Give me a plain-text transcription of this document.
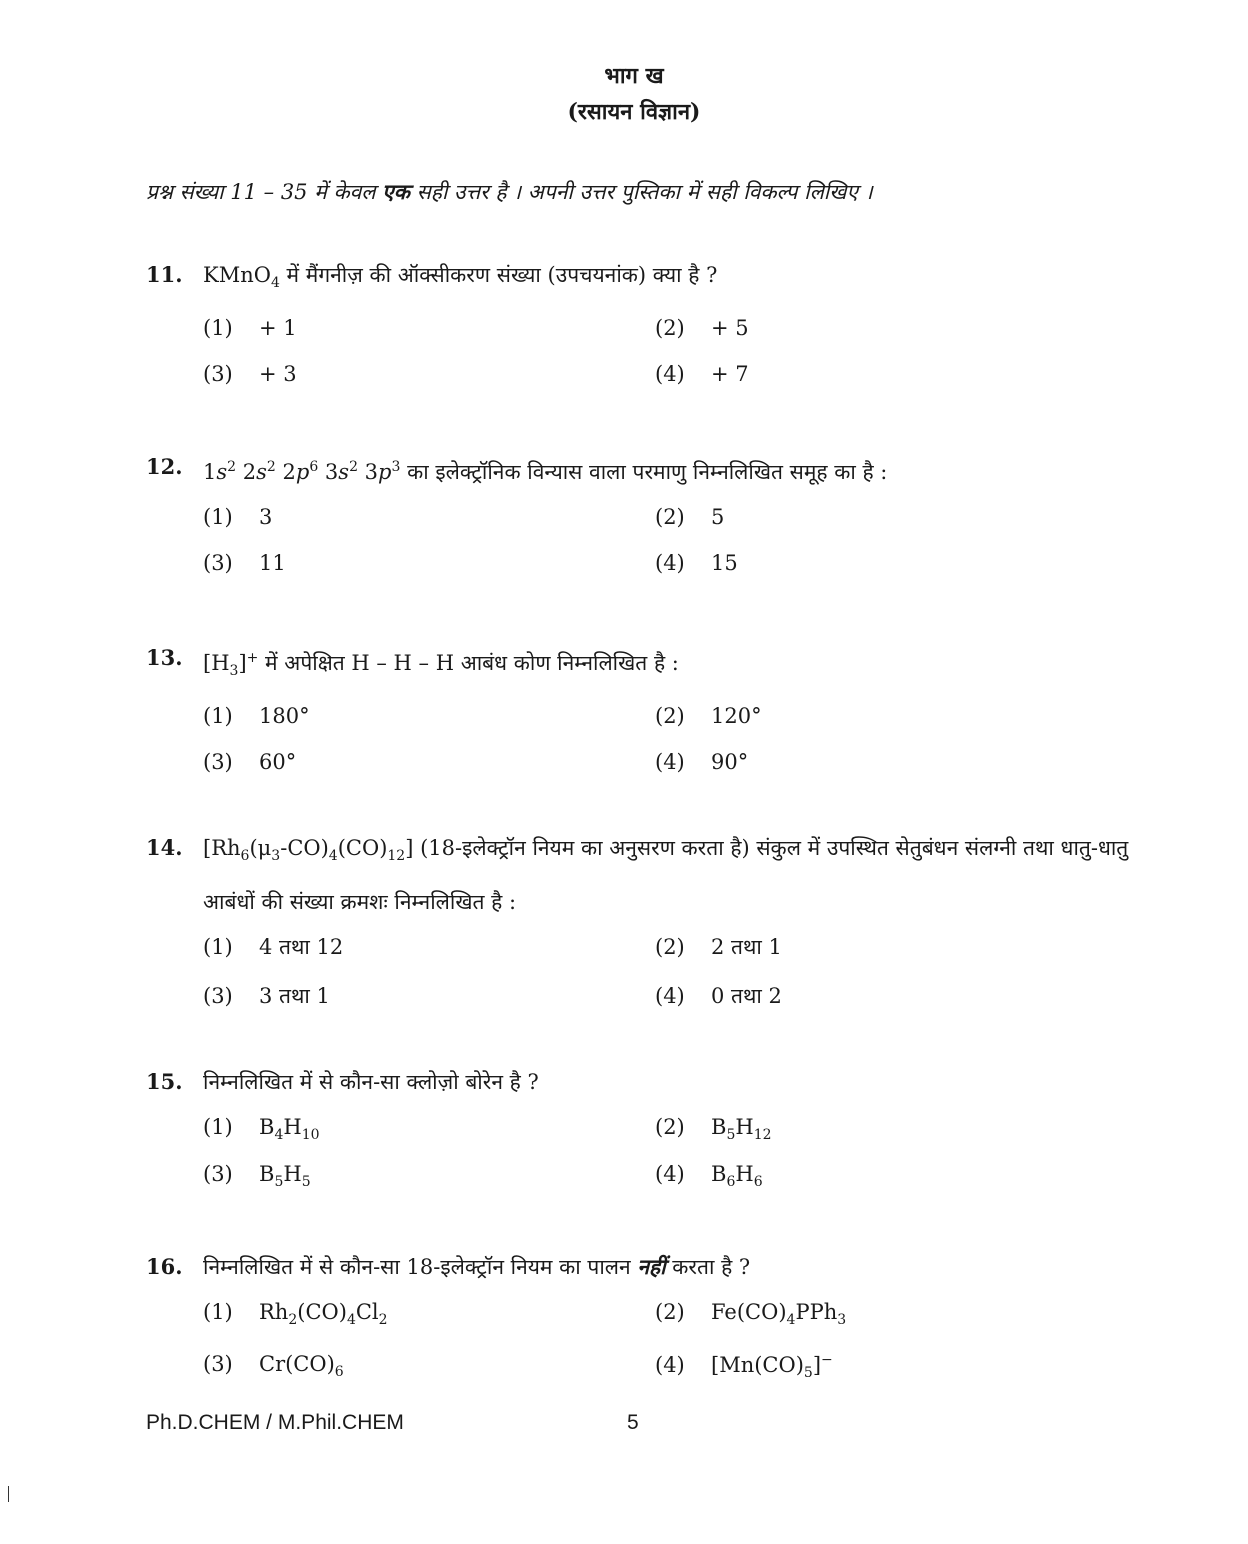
भाग ख
(रसायन विज्ञान)
प्रश्न संख्या 11 – 35 में केवल एक सही उत्तर है । अपनी उत्तर पुस्तिका में सही विकल्प लिखिए ।
11. KMnO$_4$ में मैंगनीज़ की ऑक्सीकरण संख्या (उपचयनांक) क्या है ?
(1) + 1	(2) + 5
(3) + 3	(4) + 7
12. $1s^2$ $2s^2$ $2p^6$ $3s^2$ $3p^3$ का इलेक्ट्रॉनिक विन्यास वाला परमाणु निम्नलिखित समूह का है :
(1) 3	(2) 5
(3) 11	(4) 15
13. $[H_3]^+$ में अपेक्षित H – H – H आबंध कोण निम्नलिखित है :
(1) 180°	(2) 120°
(3) 60°	(4) 90°
14. $[Rh_6(\mu_3-CO)_4(CO)_{12}]$ (18-इलेक्ट्रॉन नियम का अनुसरण करता है) संकुल में उपस्थित सेतुबंधन संलग्नी तथा धातु-धातु आबंधों की संख्या क्रमशः निम्नलिखित है :
(1) 4 तथा 12	(2) 2 तथा 1
(3) 3 तथा 1	(4) 0 तथा 2
15. निम्नलिखित में से कौन-सा क्लोज़ो बोरेन है ?
(1) $B_4H_{10}$	(2) $B_5H_{12}$
(3) $B_5H_5$	(4) $B_6H_6$
16. निम्नलिखित में से कौन-सा 18-इलेक्ट्रॉन नियम का पालन नहीं करता है ?
(1) $Rh_2(CO)_4Cl_2$	(2) $Fe(CO)_4PPh_3$
(3) $Cr(CO)_6$	(4) $[Mn(CO)_5]^-$
Ph.D.CHEM / M.Phil.CHEM	5
